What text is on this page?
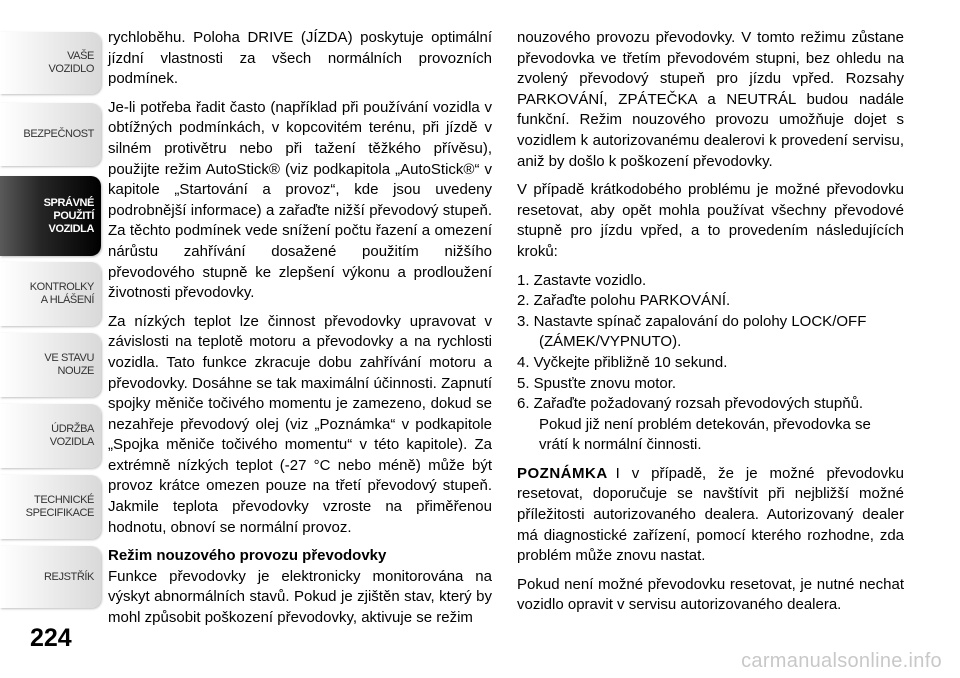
VAŠE
VOZIDLO
BEZPEČNOST
SPRÁVNÉ
POUŽITÍ
VOZIDLA
KONTROLKY
A HLÁŠENÍ
VE STAVU
NOUZE
ÚDRŽBA
VOZIDLA
TECHNICKÉ
SPECIFIKACE
REJSTŘÍK
224

rychloběhu. Poloha DRIVE (JÍZDA) poskytuje optimální jízdní vlastnosti za všech normálních provozních podmínek.

Je-li potřeba řadit často (například při používání vozidla v obtížných podmínkách, v kopcovitém terénu, při jízdě v silném protivětru nebo při tažení těžkého přívěsu), použijte režim AutoStick® (viz podkapitola „AutoStick®“ v kapitole „Startování a provoz“, kde jsou uvedeny podrobnější informace) a zařaďte nižší převodový stupeň. Za těchto podmínek vede snížení počtu řazení a omezení nárůstu zahřívání dosažené použitím nižšího převodového stupně ke zlepšení výkonu a prodloužení životnosti převodovky.

Za nízkých teplot lze činnost převodovky upravovat v závislosti na teplotě motoru a převodovky a na rychlosti vozidla. Tato funkce zkracuje dobu zahřívání motoru a převodovky. Dosáhne se tak maximální účinnosti. Zapnutí spojky měniče točivého momentu je zamezeno, dokud se nezahřeje převodový olej (viz „Poznámka“ v podkapitole „Spojka měniče točivého momentu“ v této kapitole). Za extrémně nízkých teplot (-27 °C nebo méně) může být provoz krátce omezen pouze na třetí převodový stupeň. Jakmile teplota převodovky vzroste na přiměřenou hodnotu, obnoví se normální provoz.

Režim nouzového provozu převodovky

Funkce převodovky je elektronicky monitorována na výskyt abnormálních stavů. Pokud je zjištěn stav, který by mohl způsobit poškození převodovky, aktivuje se režim

nouzového provozu převodovky. V tomto režimu zůstane převodovka ve třetím převodovém stupni, bez ohledu na zvolený převodový stupeň pro jízdu vpřed. Rozsahy PARKOVÁNÍ, ZPÁTEČKA a NEUTRÁL budou nadále funkční. Režim nouzového provozu umožňuje dojet s vozidlem k autorizovanému dealerovi k provedení servisu, aniž by došlo k poškození převodovky.

V případě krátkodobého problému je možné převodovku resetovat, aby opět mohla používat všechny převodové stupně pro jízdu vpřed, a to provedením následujících kroků:

1. Zastavte vozidlo.
2. Zařaďte polohu PARKOVÁNÍ.
3. Nastavte spínač zapalování do polohy LOCK/OFF (ZÁMEK/VYPNUTO).
4. Vyčkejte přibližně 10 sekund.
5. Spusťte znovu motor.
6. Zařaďte požadovaný rozsah převodových stupňů. Pokud již není problém detekován, převodovka se vrátí k normální činnosti.

POZNÁMKA I v případě, že je možné převodovku resetovat, doporučuje se navštívit při nejbližší možné příležitosti autorizovaného dealera. Autorizovaný dealer má diagnostické zařízení, pomocí kterého rozhodne, zda problém může znovu nastat.

Pokud není možné převodovku resetovat, je nutné nechat vozidlo opravit v servisu autorizovaného dealera.

carmanualsonline.info
